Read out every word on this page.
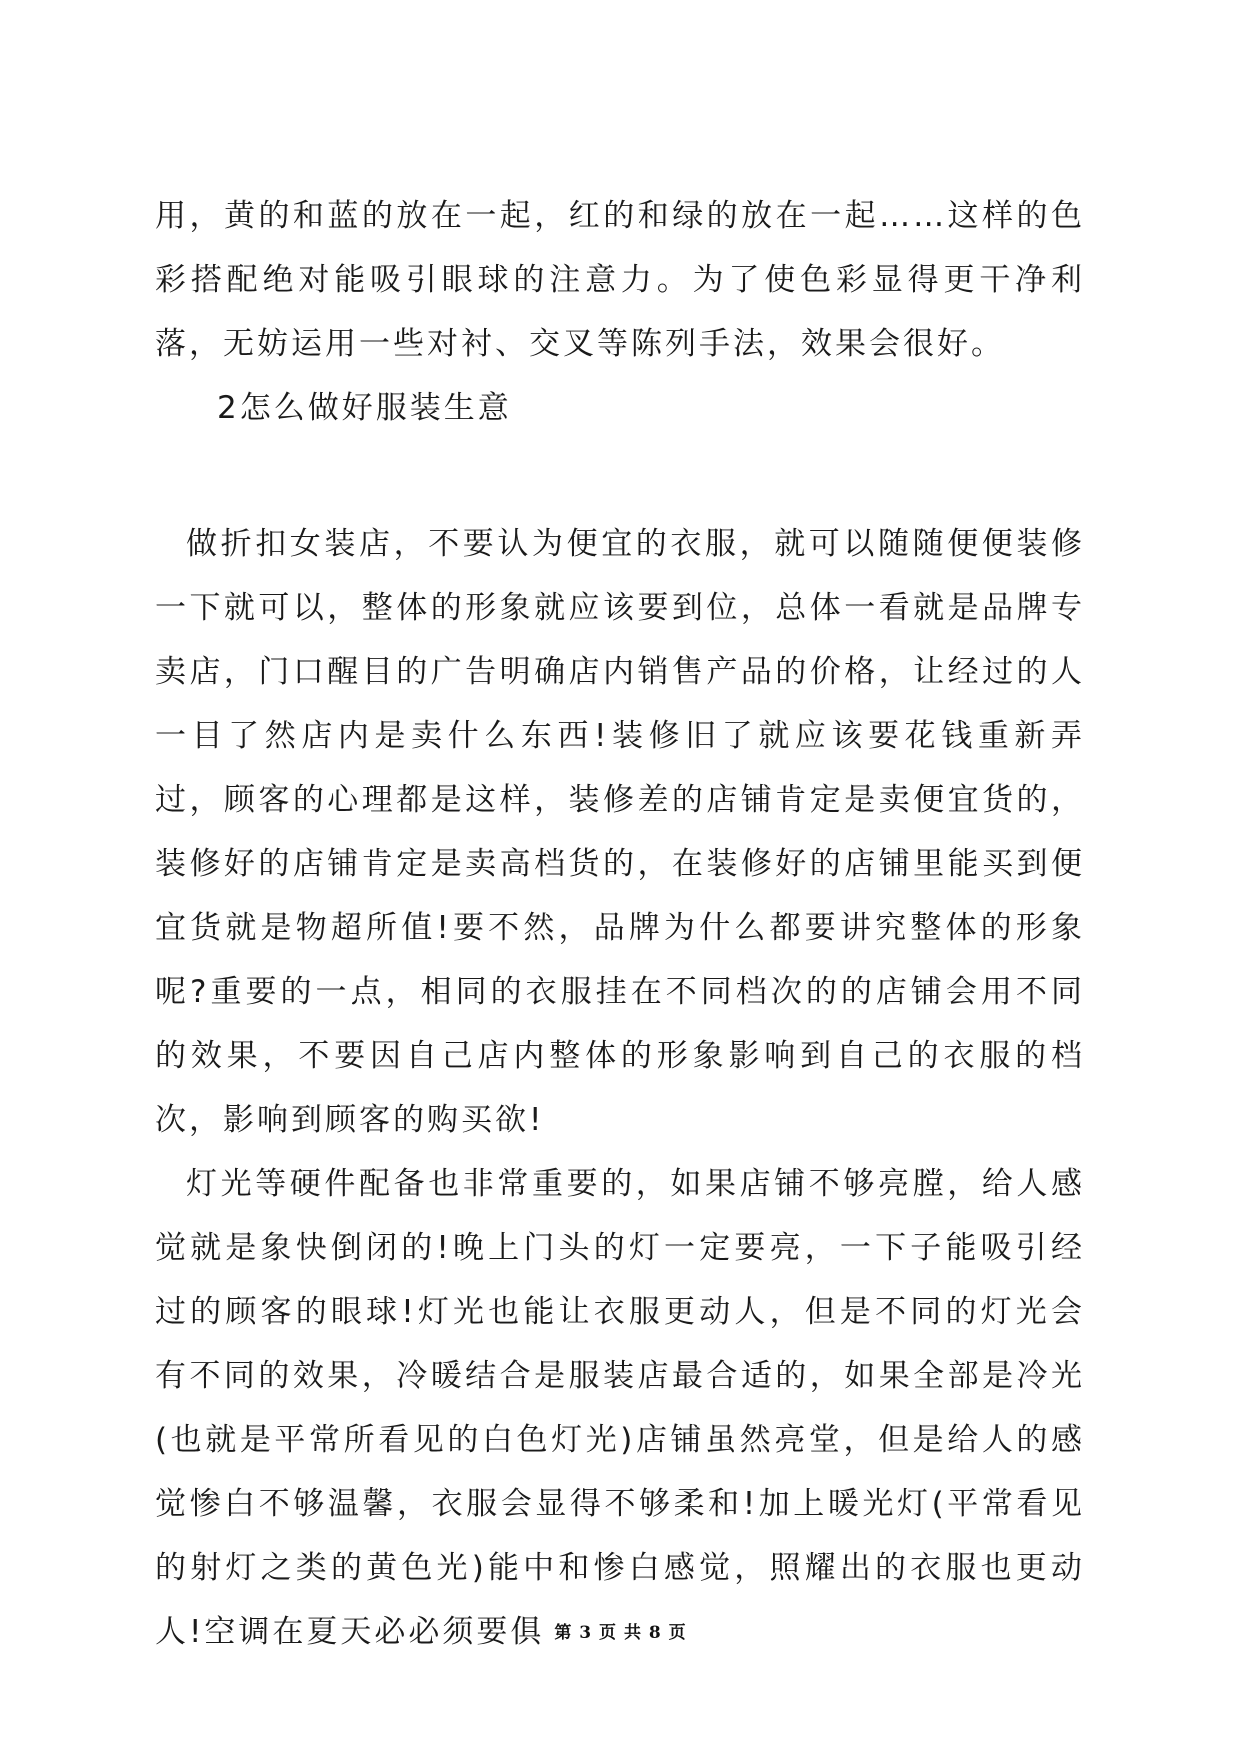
用，黄的和蓝的放在一起，红的和绿的放在一起……这样的色彩搭配绝对能吸引眼球的注意力。为了使色彩显得更干净利落，无妨运用一些对衬、交叉等陈列手法，效果会很好。

2怎么做好服装生意

做折扣女装店，不要认为便宜的衣服，就可以随随便便装修一下就可以，整体的形象就应该要到位，总体一看就是品牌专卖店，门口醒目的广告明确店内销售产品的价格，让经过的人一目了然店内是卖什么东西!装修旧了就应该要花钱重新弄过，顾客的心理都是这样，装修差的店铺肯定是卖便宜货的，装修好的店铺肯定是卖高档货的，在装修好的店铺里能买到便宜货就是物超所值!要不然，品牌为什么都要讲究整体的形象呢?重要的一点，相同的衣服挂在不同档次的的店铺会用不同的效果，不要因自己店内整体的形象影响到自己的衣服的档次，影响到顾客的购买欲!

灯光等硬件配备也非常重要的，如果店铺不够亮膛，给人感觉就是象快倒闭的!晚上门头的灯一定要亮，一下子能吸引经过的顾客的眼球!灯光也能让衣服更动人，但是不同的灯光会有不同的效果，冷暖结合是服装店最合适的，如果全部是冷光(也就是平常所看见的白色灯光)店铺虽然亮堂，但是给人的感觉惨白不够温馨，衣服会显得不够柔和!加上暖光灯(平常看见的射灯之类的黄色光)能中和惨白感觉，照耀出的衣服也更动人!空调在夏天必必须要俱 第 3 页 共 8 页
